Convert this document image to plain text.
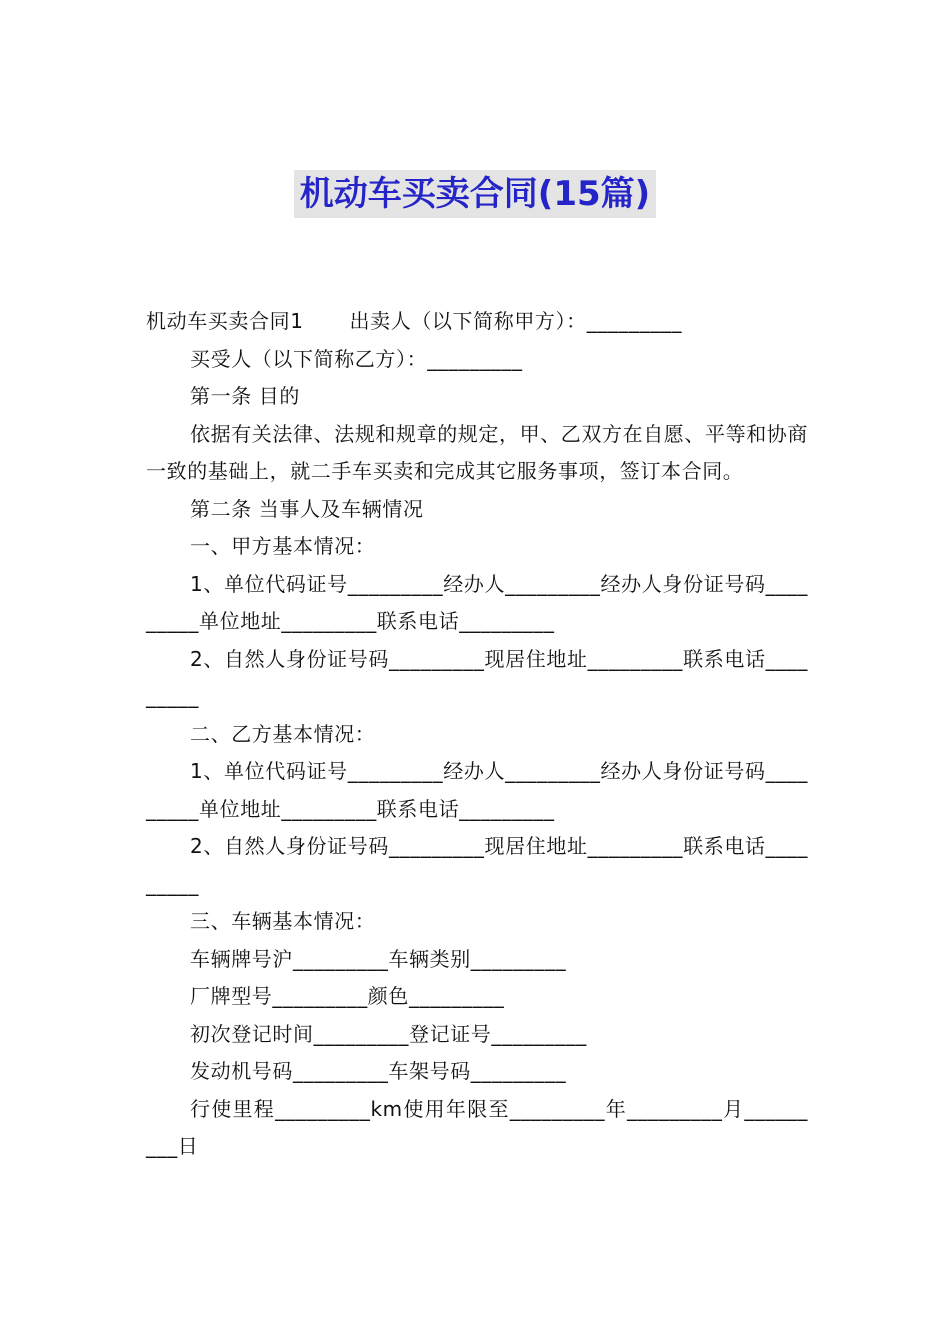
机动车买卖合同(15篇)

机动车买卖合同1 出卖人（以下简称甲方）：_________

买受人（以下简称乙方）：_________

第一条 目的

依据有关法律、法规和规章的规定，甲、乙双方在自愿、平等和协商一致的基础上，就二手车买卖和完成其它服务事项，签订本合同。

第二条 当事人及车辆情况

一、甲方基本情况：

1、单位代码证号_________经办人_________经办人身份证号码_________单位地址_________联系电话_________

2、自然人身份证号码_________现居住地址_________联系电话_________

二、乙方基本情况：

1、单位代码证号_________经办人_________经办人身份证号码_________单位地址_________联系电话_________

2、自然人身份证号码_________现居住地址_________联系电话_________

三、车辆基本情况：

车辆牌号沪_________车辆类别_________

厂牌型号_________颜色_________

初次登记时间_________登记证号_________

发动机号码_________车架号码_________

行使里程_________km使用年限至_________年_________月_________日
